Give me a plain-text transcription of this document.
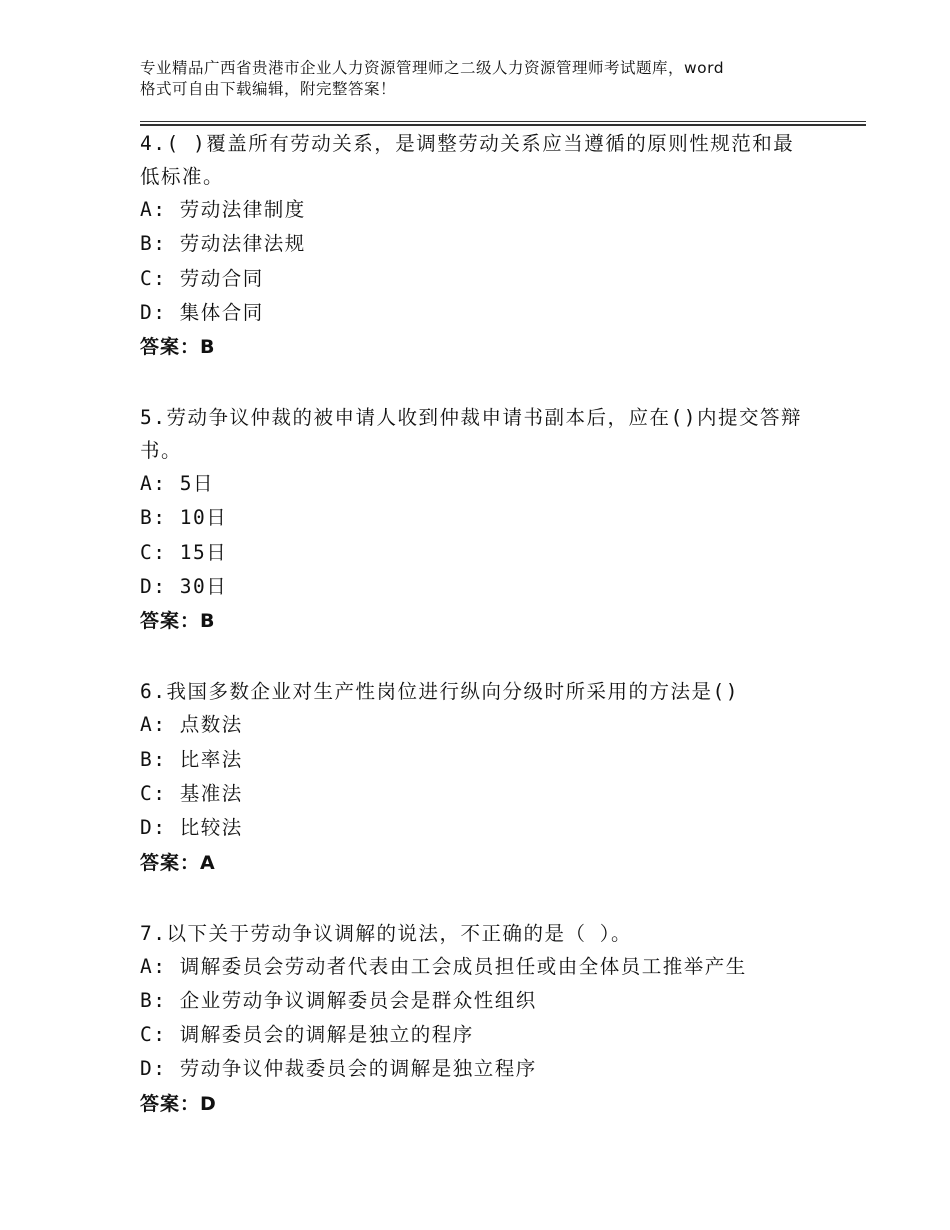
专业精品广西省贵港市企业人力资源管理师之二级人力资源管理师考试题库，word
格式可自由下载编辑，附完整答案！
4.( )覆盖所有劳动关系，是调整劳动关系应当遵循的原则性规范和最低标准。
A: 劳动法律制度
B: 劳动法律法规
C: 劳动合同
D: 集体合同
答案：B
5.劳动争议仲裁的被申请人收到仲裁申请书副本后，应在()内提交答辩书。
A: 5日
B: 10日
C: 15日
D: 30日
答案：B
6.我国多数企业对生产性岗位进行纵向分级时所采用的方法是()
A: 点数法
B: 比率法
C: 基准法
D: 比较法
答案：A
7.以下关于劳动争议调解的说法，不正确的是（ ）。
A: 调解委员会劳动者代表由工会成员担任或由全体员工推举产生
B: 企业劳动争议调解委员会是群众性组织
C: 调解委员会的调解是独立的程序
D: 劳动争议仲裁委员会的调解是独立程序
答案：D
